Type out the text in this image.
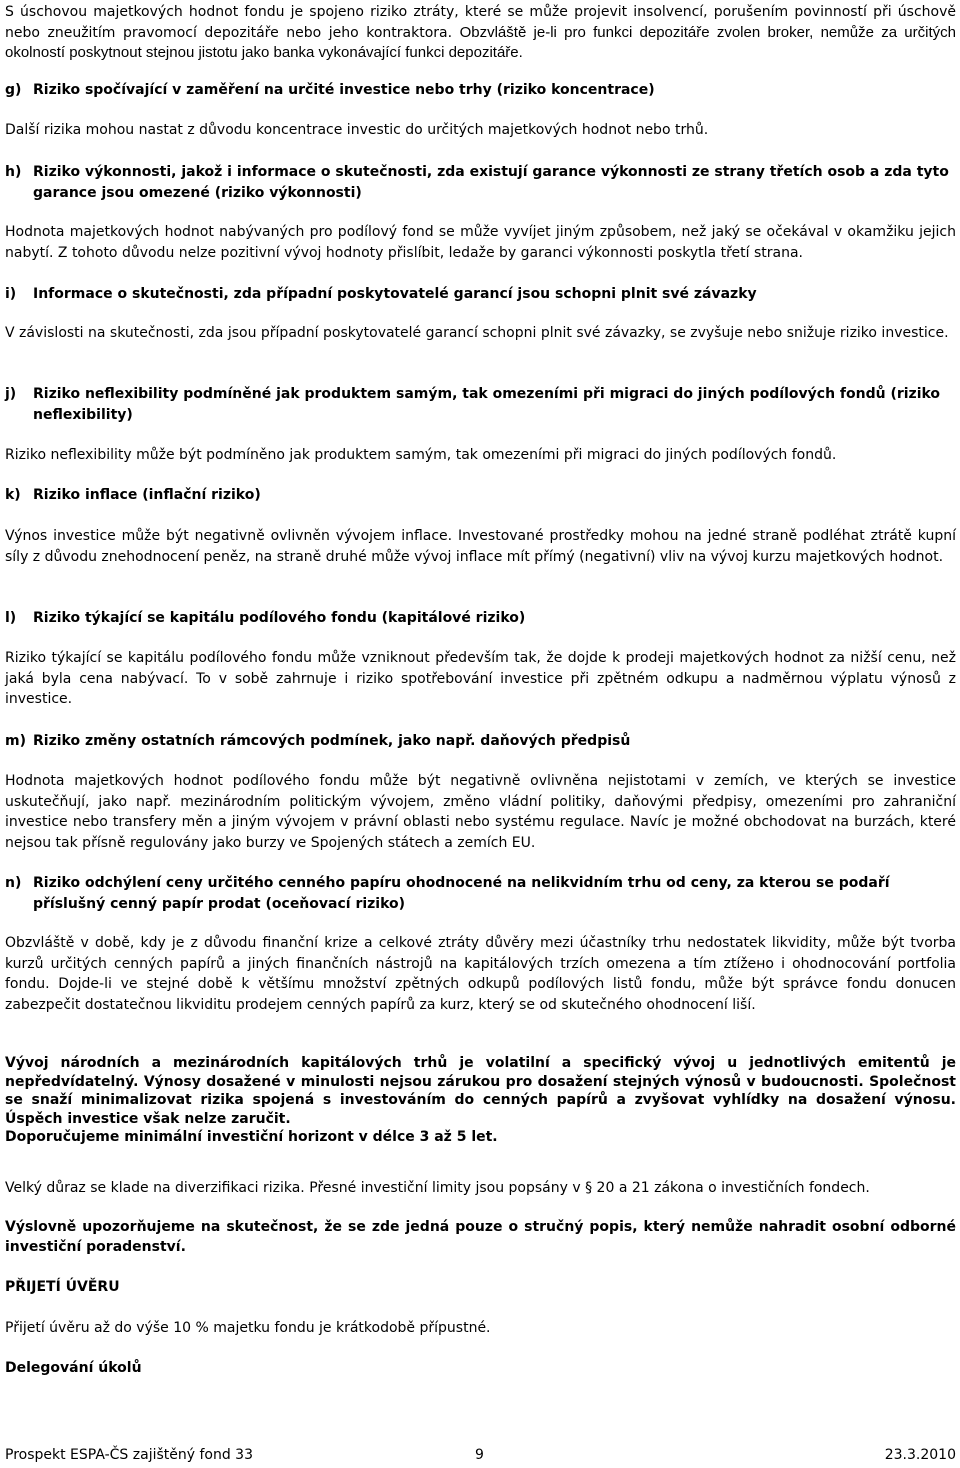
S úschovou majetkových hodnot fondu je spojeno riziko ztráty, které se může projevit insolvencí, porušením povinností při úschově nebo zneužitím pravomocí depozitáře nebo jeho kontraktora. Obzvláště je-li pro funkci depozitáře zvolen broker, nemůže za určitých okolností poskytnout stejnou jistotu jako banka vykonávající funkci depozitáře.

g) Riziko spočívající v zaměření na určité investice nebo trhy (riziko koncentrace)

Další rizika mohou nastat z důvodu koncentrace investic do určitých majetkových hodnot nebo trhů.

h) Riziko výkonnosti, jakož i informace o skutečnosti, zda existují garance výkonnosti ze strany třetích osob a zda tyto garance jsou omezené (riziko výkonnosti)

Hodnota majetkových hodnot nabývaných pro podílový fond se může vyvíjet jiným způsobem, než jaký se očekával v okamžiku jejich nabytí. Z tohoto důvodu nelze pozitivní vývoj hodnoty přislíbit, ledaže by garanci výkonnosti poskytla třetí strana.

i)	Informace o skutečnosti, zda případní poskytovatelé garancí jsou schopni plnit své závazky

V závislosti na skutečnosti, zda jsou případní poskytovatelé garancí schopni plnit své závazky, se zvyšuje nebo snižuje riziko investice.

j)	Riziko neflexibility podmíněné jak produktem samým, tak omezeními při migraci do jiných podílových fondů (riziko neflexibility)

Riziko neflexibility může být podmíněno jak produktem samým, tak omezeními při migraci do jiných podílových fondů.

k) Riziko inflace (inflační riziko)

Výnos investice může být negativně ovlivněn vývojem inflace. Investované prostředky mohou na jedné straně podléhat ztrátě kupní síly z důvodu znehodnocení peněz, na straně druhé může vývoj inflace mít přímý (negativní) vliv na vývoj kurzu majetkových hodnot.

l)	Riziko týkající se kapitálu podílového fondu (kapitálové riziko)

Riziko týkající se kapitálu podílového fondu může vzniknout především tak, že dojde k prodeji majetkových hodnot za nižší cenu, než jaká byla cena nabývací. To v sobě zahrnuje i riziko spotřebování investice při zpětném odkupu a nadměrnou výplatu výnosů z investice.

m) Riziko změny ostatních rámcových podmínek, jako např. daňových předpisů

Hodnota majetkových hodnot podílového fondu může být negativně ovlivněna nejistotami v zemích, ve kterých se investice uskutečňují, jako např. mezinárodním politickým vývojem, změno vládní politiky, daňovými předpisy, omezeními pro zahraniční investice nebo transfery měn a jiným vývojem v právní oblasti nebo systému regulace. Navíc je možné obchodovat na burzách, které nejsou tak přísně regulovány jako burzy ve Spojených státech a zemích EU.

n) Riziko odchýlení ceny určitého cenného papíru ohodnocené na nelikvidním trhu od ceny, za kterou se podaří příslušný cenný papír prodat (oceňovací riziko)

Obzvláště v době, kdy je z důvodu finanční krize a celkové ztráty důvěry mezi účastníky trhu nedostatek likvidity, může být tvorba kurzů určitých cenných papírů a jiných finančních nástrojů na kapitálových trzích omezena a tím ztížено i ohodnocování portfolia fondu. Dojde-li ve stejné době k většímu množství zpětných odkupů podílových listů fondu, může být správce fondu donucen zabezpečit dostatečnou likviditu prodejem cenných papírů za kurz, který se od skutečného ohodnocení liší.

Vývoj národních a mezinárodních kapitálových trhů je volatilní a specifický vývoj u jednotlivých emitentů je nepředvídatelný. Výnosy dosažené v minulosti nejsou zárukou pro dosažení stejných výnosů v budoucnosti. Společnost se snaží minimalizovat rizika spojená s investováním do cenných papírů a zvyšovat vyhlídky na dosažení výnosu. Úspěch investice však nelze zaručit.

Doporučujeme minimální investiční horizont v délce 3 až 5 let.

Velký důraz se klade na diverzifikaci rizika. Přesné investiční limity jsou popsány v § 20 a 21 zákona o investičních fondech.

Výslovně upozorňujeme na skutečnost, že se zde jedná pouze o stručný popis, který nemůže nahradit osobní odborné investiční poradenství.

PŘIJETÍ ÚVĚRU

Přijetí úvěru až do výše 10 % majetku fondu je krátkodobě přípustné.

Delegování úkolů

Prospekt ESPA-ČS zajištěný fond 33	9	23.3.2010
